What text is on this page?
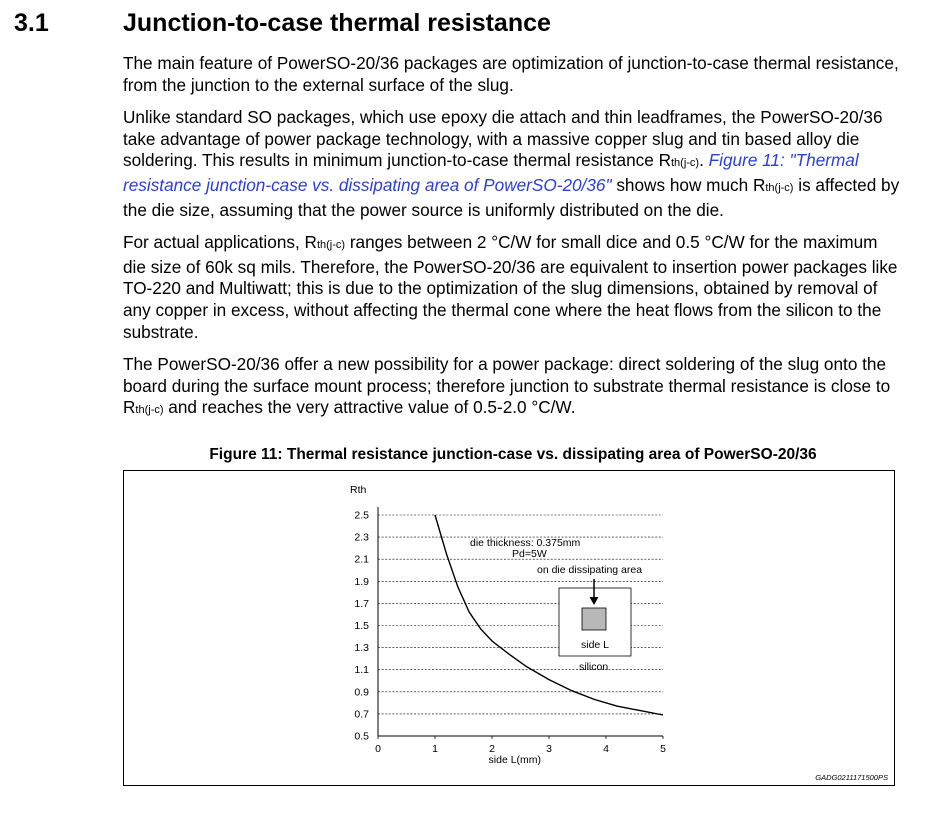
3.1	Junction-to-case thermal resistance

The main feature of PowerSO-20/36 packages are optimization of junction-to-case thermal resistance, from the junction to the external surface of the slug.

Unlike standard SO packages, which use epoxy die attach and thin leadframes, the PowerSO-20/36 take advantage of power package technology, with a massive copper slug and tin based alloy die soldering. This results in minimum junction-to-case thermal resistance Rth(j-c). Figure 11: "Thermal resistance junction-case vs. dissipating area of PowerSO-20/36" shows how much Rth(j-c) is affected by the die size, assuming that the power source is uniformly distributed on the die.

For actual applications, Rth(j-c) ranges between 2 °C/W for small dice and 0.5 °C/W for the maximum die size of 60k sq mils. Therefore, the PowerSO-20/36 are equivalent to insertion power packages like TO-220 and Multiwatt; this is due to the optimization of the slug dimensions, obtained by removal of any copper in excess, without affecting the thermal cone where the heat flows from the silicon to the substrate.

The PowerSO-20/36 offer a new possibility for a power package: direct soldering of the slug onto the board during the surface mount process; therefore junction to substrate thermal resistance is close to Rth(j-c) and reaches the very attractive value of 0.5-2.0 °C/W.

Figure 11: Thermal resistance junction-case vs. dissipating area of PowerSO-20/36
die thickness: 0.375mm
Pd=5W
on die dissipating area
side L
silicon
2.5
2.3
2.1
1.9
1.7
1.5
1.3
1.1
0.9
0.7
0.5
0	1	2	3	4	5
Rth
side L(mm)
GADG0211171500PS
